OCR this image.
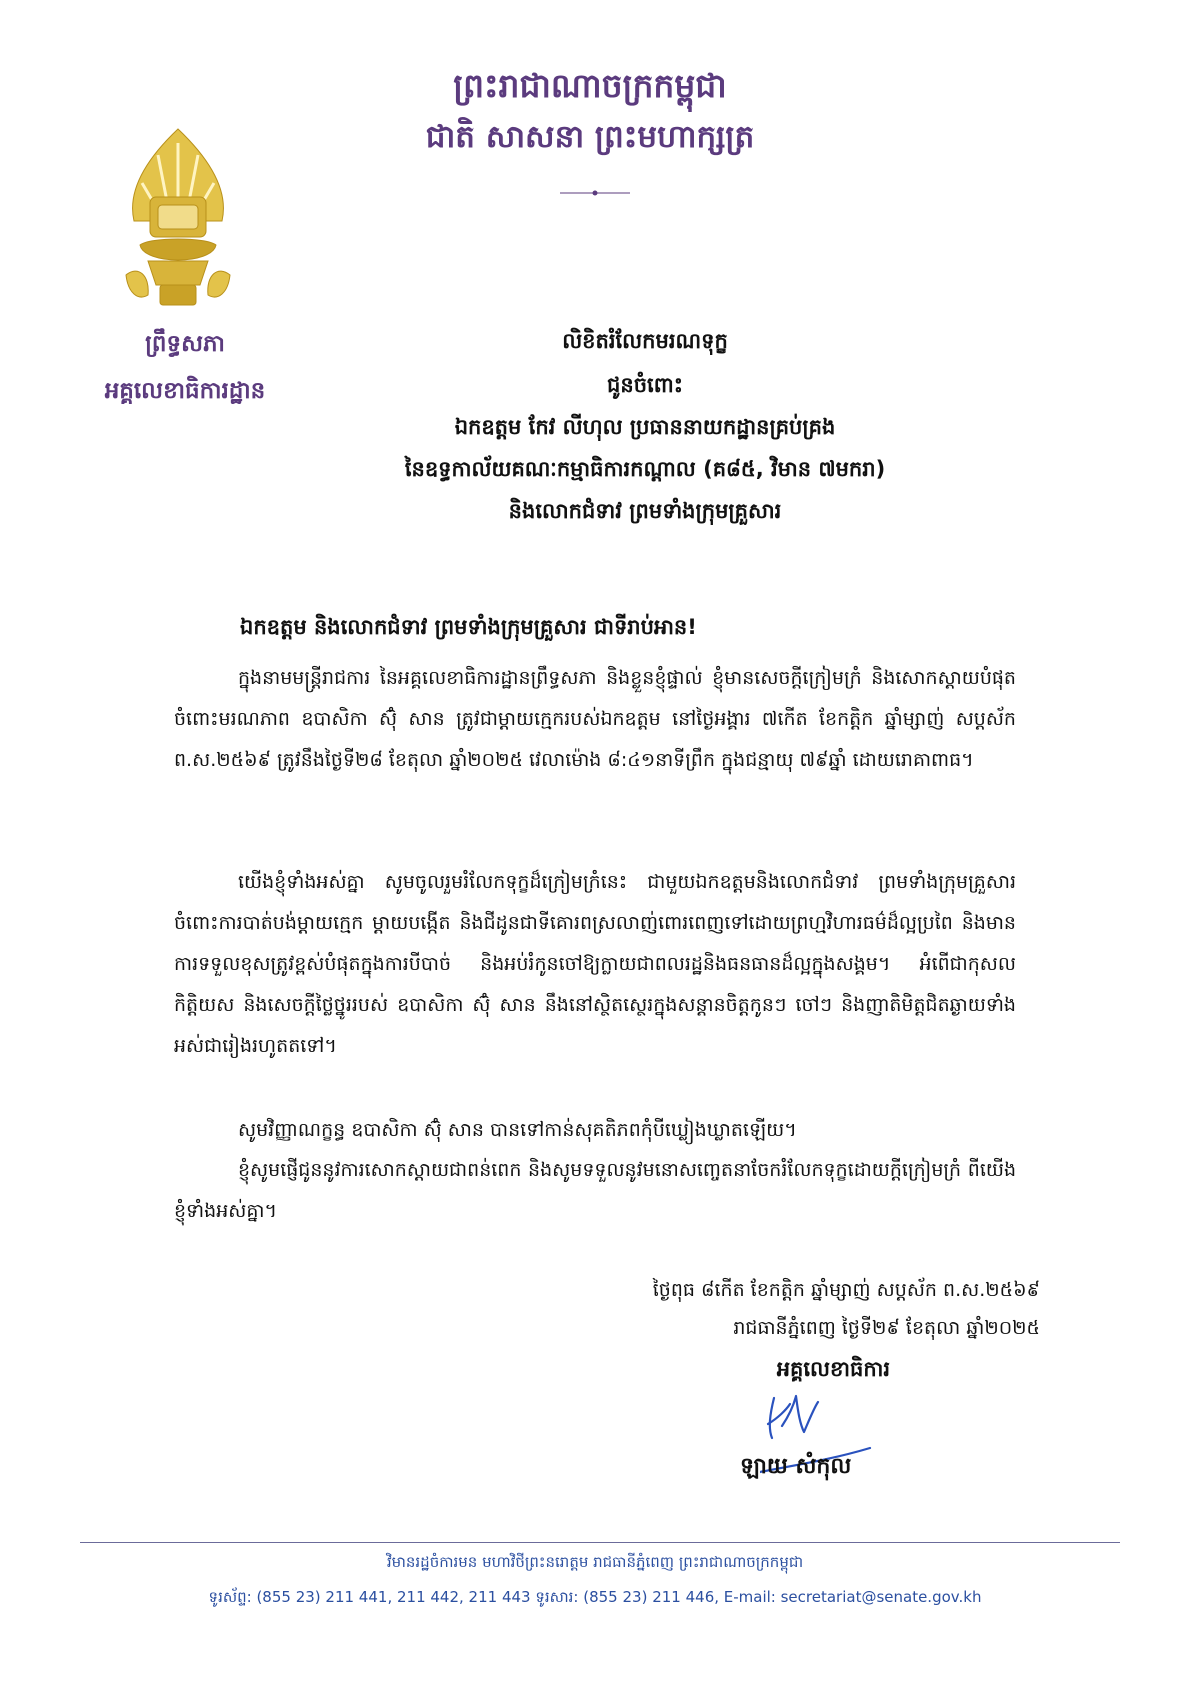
ព្រះរាជាណាចក្រកម្ពុជា
ជាតិ សាសនា ព្រះមហាក្សត្រ
ព្រឹទ្ធសភា
អគ្គលេខាធិការដ្ឋាន
លិខិតរំលែកមរណទុក្ខ
ជូនចំពោះ
ឯកឧត្តម កែវ លីហុល ប្រធាននាយកដ្ឋានគ្រប់គ្រង
នៃឧទ្ធកាល័យគណៈកម្មាធិការកណ្តាល (គ៨៥, វិមាន ៧មករា)
និងលោកជំទាវ ព្រមទាំងក្រុមគ្រួសារ
ឯកឧត្តម និងលោកជំទាវ ព្រមទាំងក្រុមគ្រួសារ ជាទីរាប់អាន!
ក្នុងនាមមន្ត្រីរាជការ នៃអគ្គលេខាធិការដ្ឋានព្រឹទ្ធសភា និងខ្លួនខ្ញុំផ្ទាល់ ខ្ញុំមានសេចក្តីក្រៀមក្រំ និងសោកស្តាយបំផុតចំពោះមរណភាព ឧបាសិកា ស៊ុំ សាន ត្រូវជាម្តាយក្មេករបស់ឯកឧត្តម នៅថ្ងៃអង្គារ ៧កើត ខែកត្តិក ឆ្នាំម្សាញ់ សប្តស័ក ព.ស.២៥៦៩ ត្រូវនឹងថ្ងៃទី២៨ ខែតុលា ឆ្នាំ២០២៥ វេលាម៉ោង ៨:៤១នាទីព្រឹក ក្នុងជន្មាយុ ៧៩ឆ្នាំ ដោយរោគាពាធ។
យើងខ្ញុំទាំងអស់គ្នា សូមចូលរួមរំលែកទុក្ខដ៏ក្រៀមក្រំនេះ ជាមួយឯកឧត្តមនិងលោកជំទាវ ព្រមទាំងក្រុមគ្រួសារចំពោះការបាត់បង់ម្តាយក្មេក ម្តាយបង្កើត និងជីដូនជាទីគោរពស្រលាញ់ពោរពេញទៅដោយព្រហ្មវិហារធម៌ដ៏ល្អប្រពៃ និងមានការទទួលខុសត្រូវខ្ពស់បំផុតក្នុងការបីបាច់ និងអប់រំកូនចៅឱ្យក្លាយជាពលរដ្ឋនិងធនធានដ៏ល្អក្នុងសង្គម។ អំពើជាកុសល កិត្តិយស និងសេចក្តីថ្លៃថ្នូររបស់ ឧបាសិកា ស៊ុំ សាន នឹងនៅស្ថិតស្ថេរក្នុងសន្តានចិត្តកូនៗ ចៅៗ និងញាតិមិត្តជិតឆ្ងាយទាំងអស់ជារៀងរហូតតទៅ។
សូមវិញ្ញាណក្ខន្ធ ឧបាសិកា ស៊ុំ សាន បានទៅកាន់សុគតិភពកុំបីឃ្លៀងឃ្លាតឡើយ។
ខ្ញុំសូមផ្ញើជូននូវការសោកស្តាយជាពន់ពេក និងសូមទទួលនូវមនោសញ្ចេតនាចែករំលែកទុក្ខដោយក្តីក្រៀមក្រំ ពីយើងខ្ញុំទាំងអស់គ្នា។
ថ្ងៃពុធ ៨កើត ខែកត្តិក ឆ្នាំម្សាញ់ សប្តស័ក ព.ស.២៥៦៩
រាជធានីភ្នំពេញ ថ្ងៃទី២៩ ខែតុលា ឆ្នាំ២០២៥
អគ្គលេខាធិការ
ឡាយ សំកុល
វិមានរដ្ឋចំការមន មហាវិថីព្រះនរោត្តម រាជធានីភ្នំពេញ ព្រះរាជាណាចក្រកម្ពុជា
ទូរស័ព្ទ: (855 23) 211 441, 211 442, 211 443 ទូរសារ: (855 23) 211 446, E-mail: secretariat@senate.gov.kh
